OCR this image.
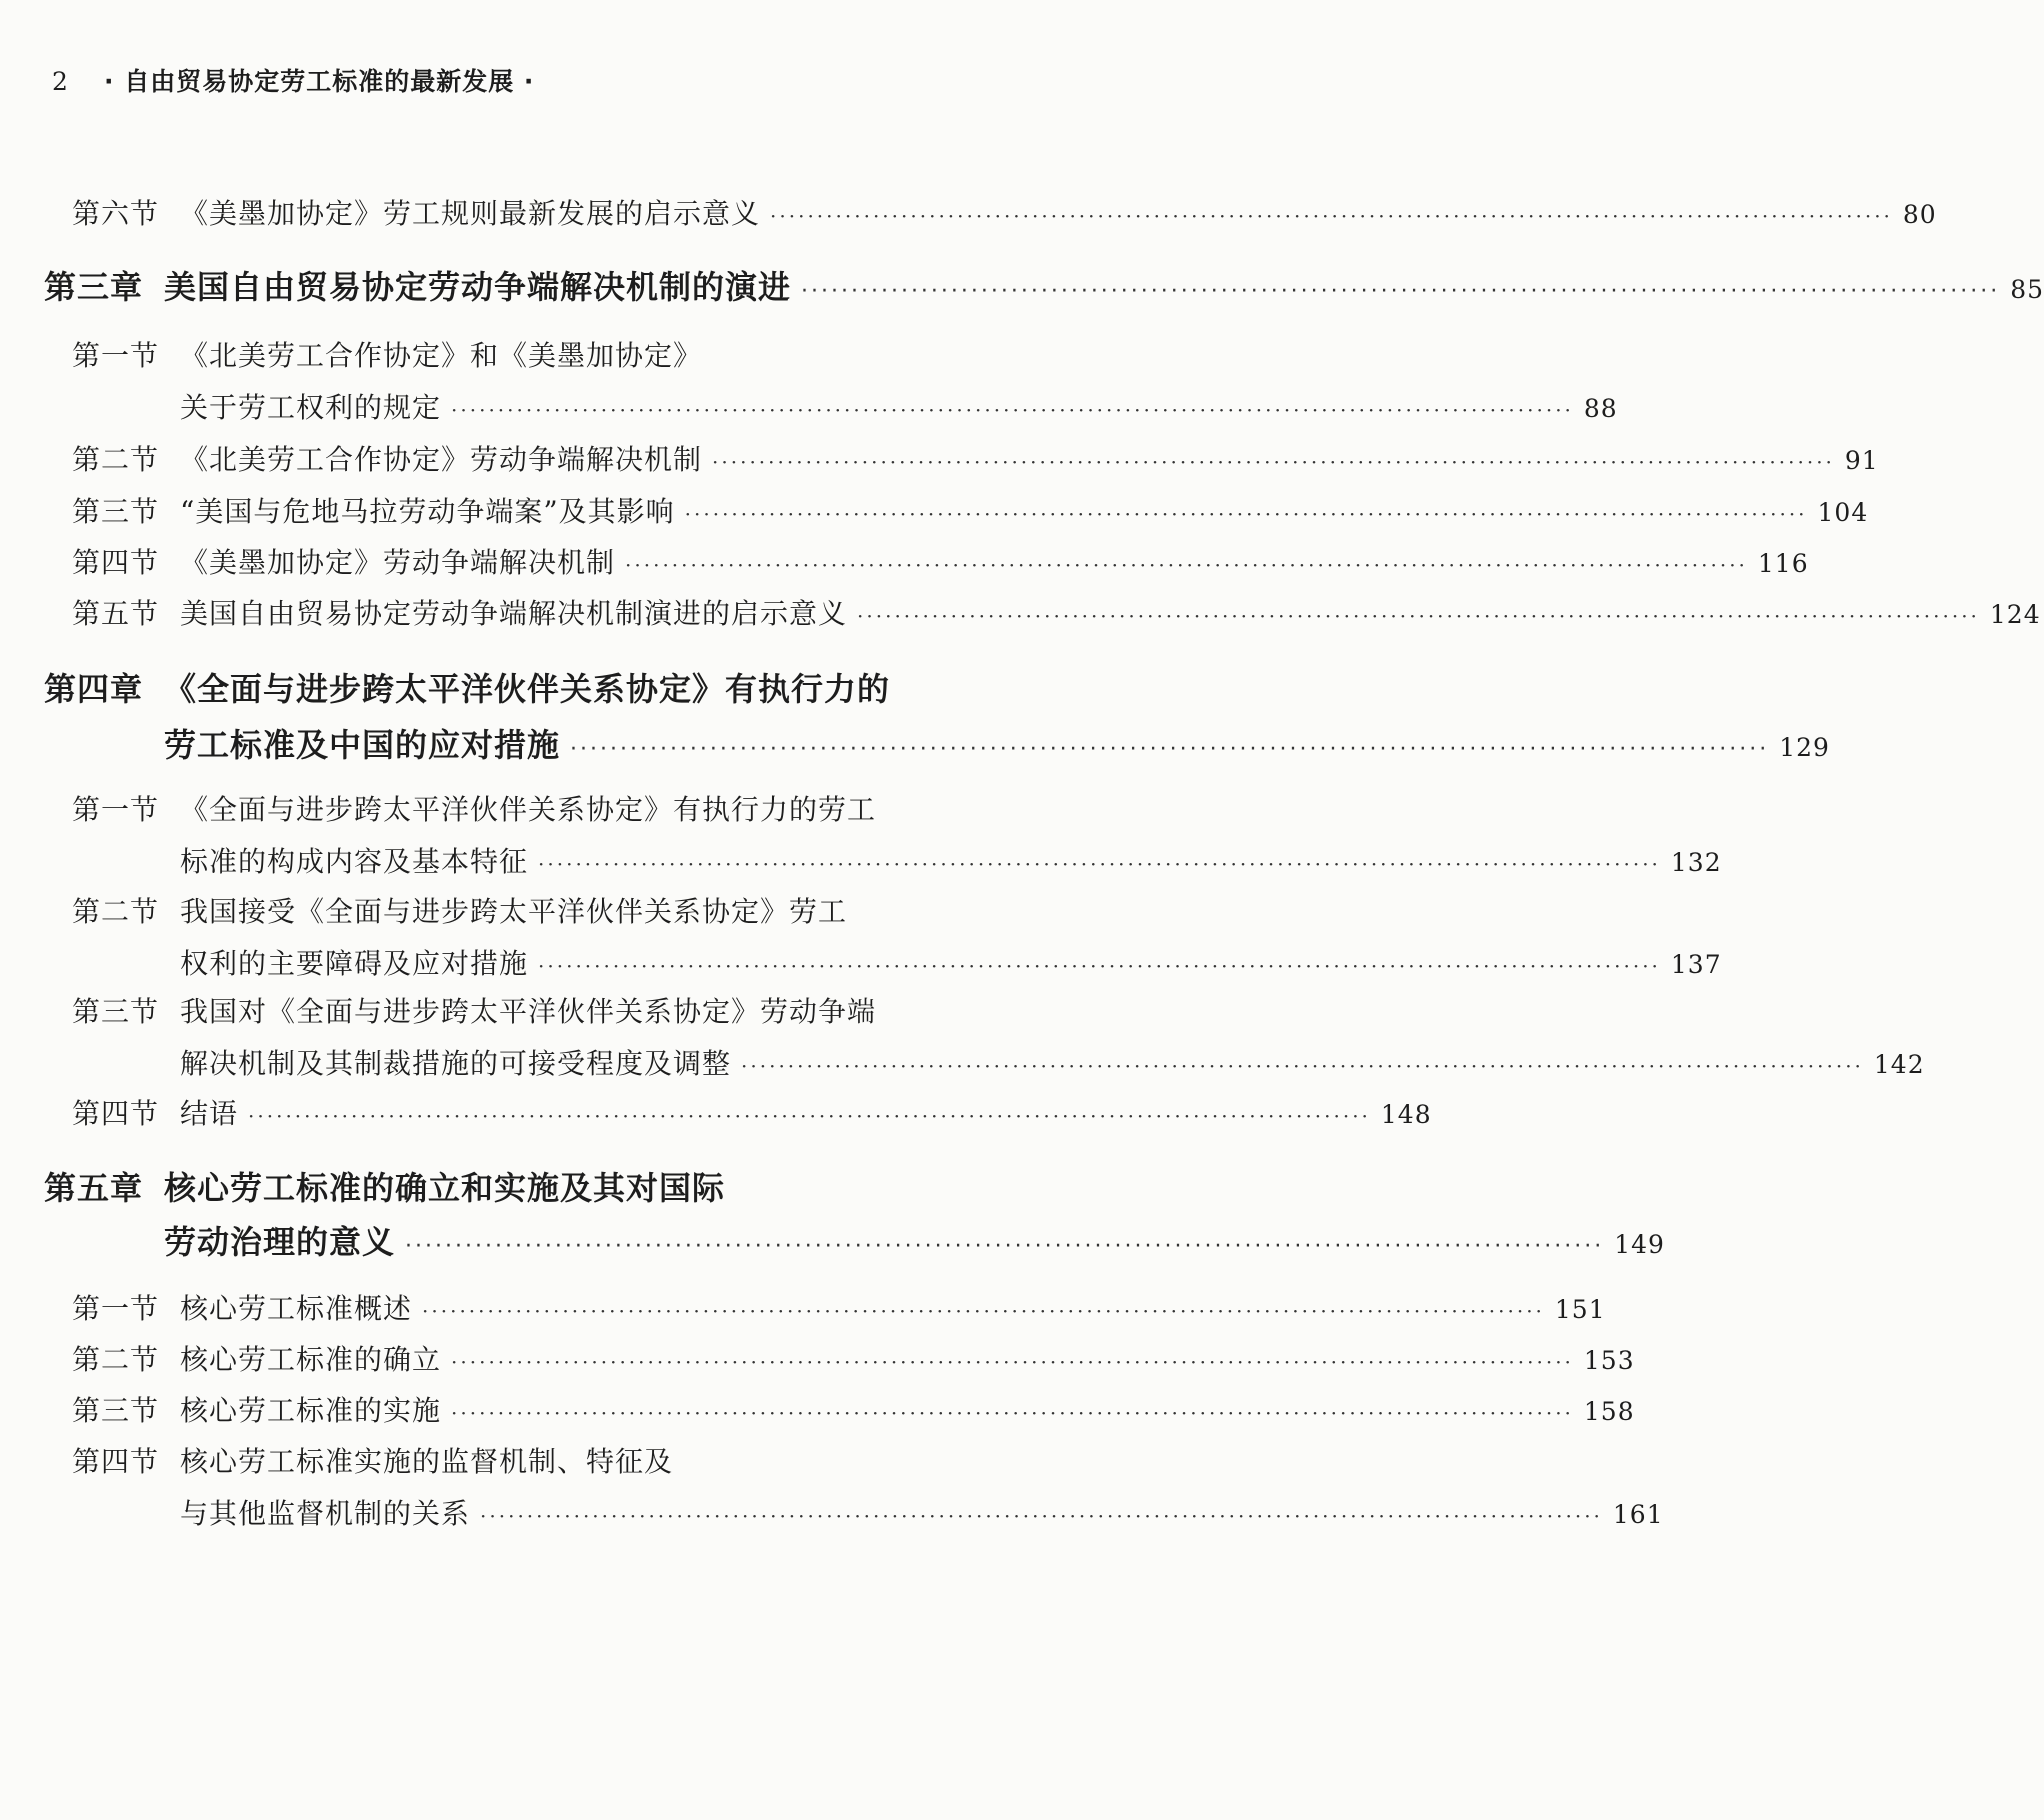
2 · 自由贸易协定劳工标准的最新发展 ·
第六节 《美墨加协定》劳工规则最新发展的启示意义 ························································································································ 80
第三章 美国自由贸易协定劳动争端解决机制的演进 ························································································································ 85
第一节 《北美劳工合作协定》和《美墨加协定》
关于劳工权利的规定 ························································································································ 88
第二节 《北美劳工合作协定》劳动争端解决机制 ························································································································ 91
第三节 “美国与危地马拉劳动争端案”及其影响 ························································································································ 104
第四节 《美墨加协定》劳动争端解决机制 ························································································································ 116
第五节 美国自由贸易协定劳动争端解决机制演进的启示意义 ························································································································ 124
第四章 《全面与进步跨太平洋伙伴关系协定》有执行力的
劳工标准及中国的应对措施 ························································································································ 129
第一节 《全面与进步跨太平洋伙伴关系协定》有执行力的劳工
标准的构成内容及基本特征 ························································································································ 132
第二节 我国接受《全面与进步跨太平洋伙伴关系协定》劳工
权利的主要障碍及应对措施 ························································································································ 137
第三节 我国对《全面与进步跨太平洋伙伴关系协定》劳动争端
解决机制及其制裁措施的可接受程度及调整 ························································································································ 142
第四节 结语 ························································································································ 148
第五章 核心劳工标准的确立和实施及其对国际
劳动治理的意义 ························································································································ 149
第一节 核心劳工标准概述 ························································································································ 151
第二节 核心劳工标准的确立 ························································································································ 153
第三节 核心劳工标准的实施 ························································································································ 158
第四节 核心劳工标准实施的监督机制、特征及
与其他监督机制的关系 ························································································································ 161
